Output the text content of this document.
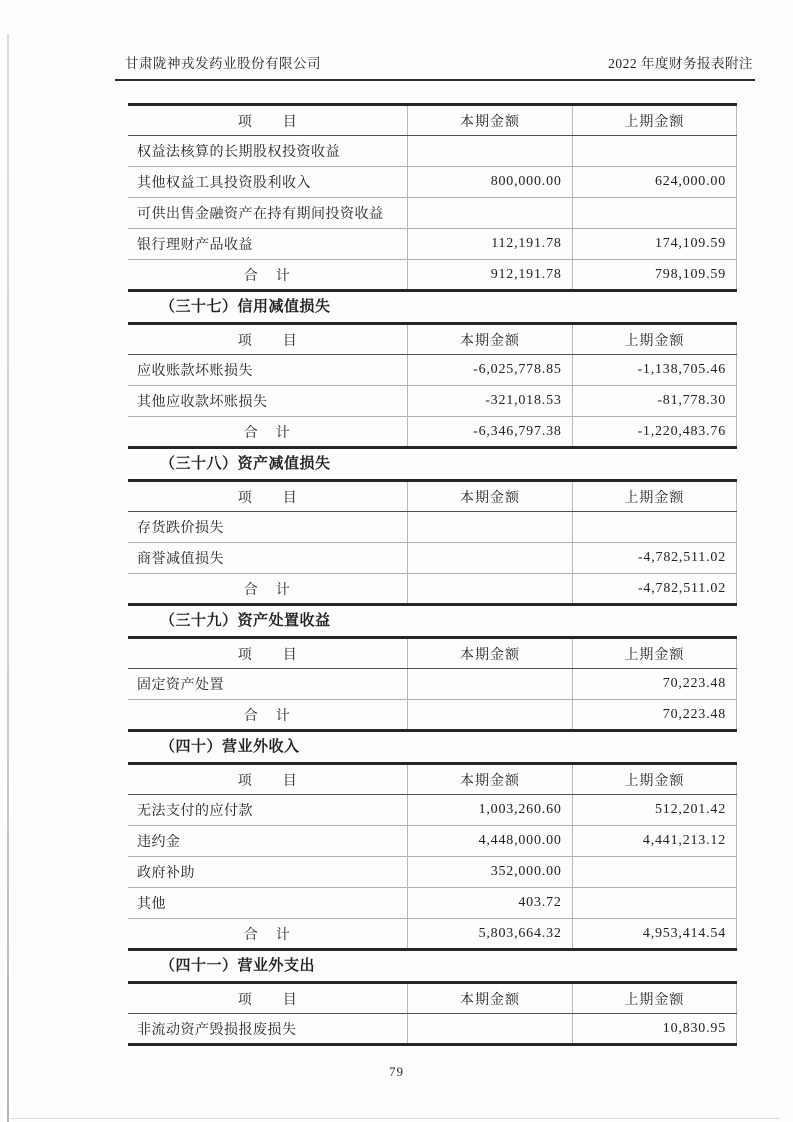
甘肃陇神戎发药业股份有限公司	2022 年度财务报表附注
项　　目	本期金额	上期金额
权益法核算的长期股权投资收益		
其他权益工具投资股利收入	800,000.00	624,000.00
可供出售金融资产在持有期间投资收益		
银行理财产品收益	112,191.78	174,109.59
合　计	912,191.78	798,109.59
（三十七）信用减值损失
项　　目	本期金额	上期金额
应收账款坏账损失	-6,025,778.85	-1,138,705.46
其他应收款坏账损失	-321,018.53	-81,778.30
合　计	-6,346,797.38	-1,220,483.76
（三十八）资产减值损失
项　　目	本期金额	上期金额
存货跌价损失		
商誉减值损失		-4,782,511.02
合　计		-4,782,511.02
（三十九）资产处置收益
项　　目	本期金额	上期金额
固定资产处置		70,223.48
合　计		70,223.48
（四十）营业外收入
项　　目	本期金额	上期金额
无法支付的应付款	1,003,260.60	512,201.42
违约金	4,448,000.00	4,441,213.12
政府补助	352,000.00	
其他	403.72	
合　计	5,803,664.32	4,953,414.54
（四十一）营业外支出
项　　目	本期金额	上期金额
非流动资产毁损报废损失		10,830.95
79
